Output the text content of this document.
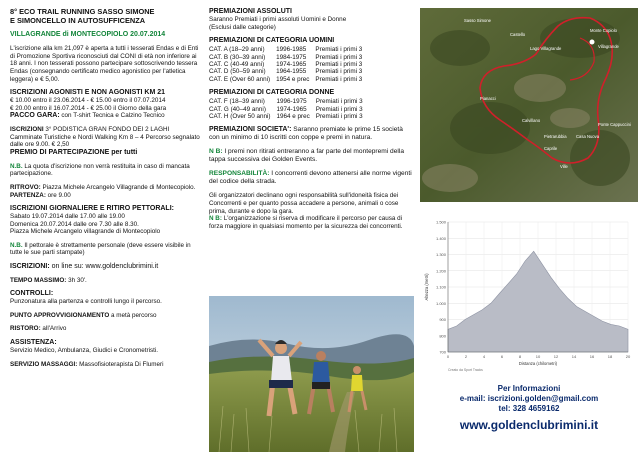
8° ECO TRAIL RUNNING SASSO SIMONE
E SIMONCELLO IN AUTOSUFFICENZA
VILLAGRANDE di MONTECOPIOLO 20.07.2014

L'iscrizione alla km 21,097 è aperta a tutti i tesserati Endas e di Enti di Promozione Sportiva riconosciuti dal CONI di età non inferiore ai 18 anni. I non tesserati possono partecipare sottoscrivendo tessera Endas (consegnando certificato medico agonistico per l'atletica leggera) e € 5,00.

ISCRIZIONI AGONISTI E NON AGONISTI KM 21

€ 10.00 entro il 23.06.2014 - € 15.00 entro il 07.07.2014

€ 20.00 entro il 16.07.2014 - € 25.00 il Giorno della gara

PACCO GARA: con T-shirt Tecnica e Calzino Tecnico

ISCRIZIONI 3° PODISTICA GRAN FONDO DEI 2 LAGHI Camminate Turistiche e Nordi Walking Km 8 – 4 Percorso segnalato dalle ore 9.00. € 2,50

PREMIO DI PARTECIPAZIONE per tutti

N.B. La quota d'iscrizione non verrà restituita in caso di mancata partecipazione.

RITROVO: Piazza Michele Arcangelo Villagrande di Montecopiolo.

PARTENZA: ore 9.00

ISCRIZIONI GIORNALIERE E RITIRO PETTORALI:

Sabato 19.07.2014 dalle 17.00 alle 19.00

Domenica 20.07.2014 dalle ore 7.30 alle 8.30.

Piazza Michele Arcangelo villagrande di Montecopiolo

N.B. Il pettorale è strettamente personale (deve essere visibile in tutte le sue parti stampate)

ISCRIZIONI: on line su: www.goldenclubrimini.it

TEMPO MASSIMO: 3h 30'.

CONTROLLI:

Punzonatura alla partenza e controlli lungo il percorso.

PUNTO APPROVVIGIONAMENTO a metà percorso

RISTORO: all'Arrivo

ASSISTENZA:

Servizio Medico, Ambulanza, Giudici e Cronometristi.

SERVIZIO MASSAGGI: Massofisioterapista Di Flumeri

PREMIAZIONI ASSOLUTI

Saranno Premiati i primi assoluti Uomini e Donne

(Esclusi dalle categorie)

PREMIAZIONI DI CATEGORIA UOMINI
CAT. A (18–29 anni)	1996-1985	Premiati i primi 3
CAT. B (30–39 anni)	1984-1975	Premiati i primi 3
CAT. C (40-49 anni)	1974-1965	Premiati i primi 3
CAT. D (50–59 anni)	1964-1955	Premiati i primi 3
CAT. E (Over 60 anni)	1954 e prec	Premiati i primi 3
PREMIAZIONI DI CATEGORIA DONNE
CAT. F (18–39 anni)	1996-1975	Premiati i primi 3
CAT. G (40–49 anni)	1974-1965	Premiati i primi 3
CAT. H (Over 50 anni)	1964 e prec	Premiati i primi 3

PREMIAZIONI SOCIETA': Saranno premiate le prime 15 società con un minimo di 10 iscritti con coppe e premi in natura.

N B: I premi non ritirati entreranno a far parte del montepremi della tappa successiva dei Golden Events.

RESPONSABILITÀ: I concorrenti devono attenersi alle norme vigenti del codice della strada.

Gli organizzatori declinano ogni responsabilità sull'idoneità fisica dei Concorrenti e per quanto possa accadere a persone, animali o cose prima, durante e dopo la gara.

N B: L'organizzazione si riserva di modificare il percorso per causa di forza maggiore in qualsiasi momento per la sicurezza dei concorrenti.

Sasso Simone
Lago Villagrande	Villagrande
Monte Copiolo
Castello
Pianacci
Calvillano
Ponte Cappuccini
Casa Nuova
Caprile
Pietrarubbia
Ville
700
800
900
1.000
1.100
1.200
1.300
1.400
1.500
0	2	4	6	8	10	12	14	16	18	20
Distanza (chilometri)
Altezza (metri)
Creato da Sport Tracks
Per Informazioni
e-mail: iscrizioni.golden@gmail.com
tel: 328 4659162
www.goldenclubrimini.it
